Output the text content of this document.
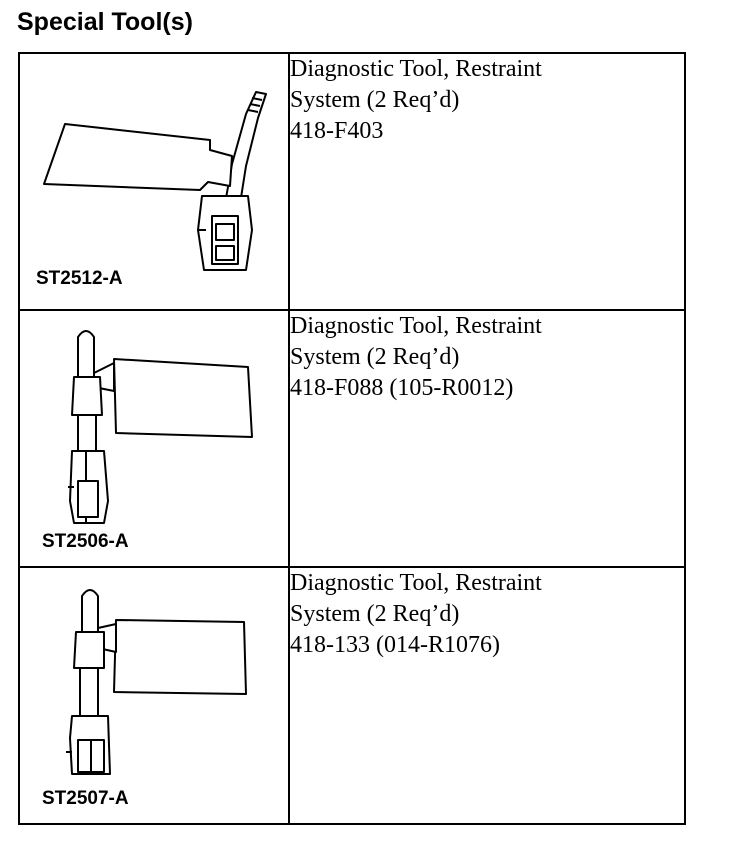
Special Tool(s)
ST2512-A	Diagnostic Tool, Restraint
System (2 Req’d)
418-F403

ST2506-A	Diagnostic Tool, Restraint
System (2 Req’d)
418-F088 (105-R0012)

ST2507-A	Diagnostic Tool, Restraint
System (2 Req’d)
418-133 (014-R1076)
